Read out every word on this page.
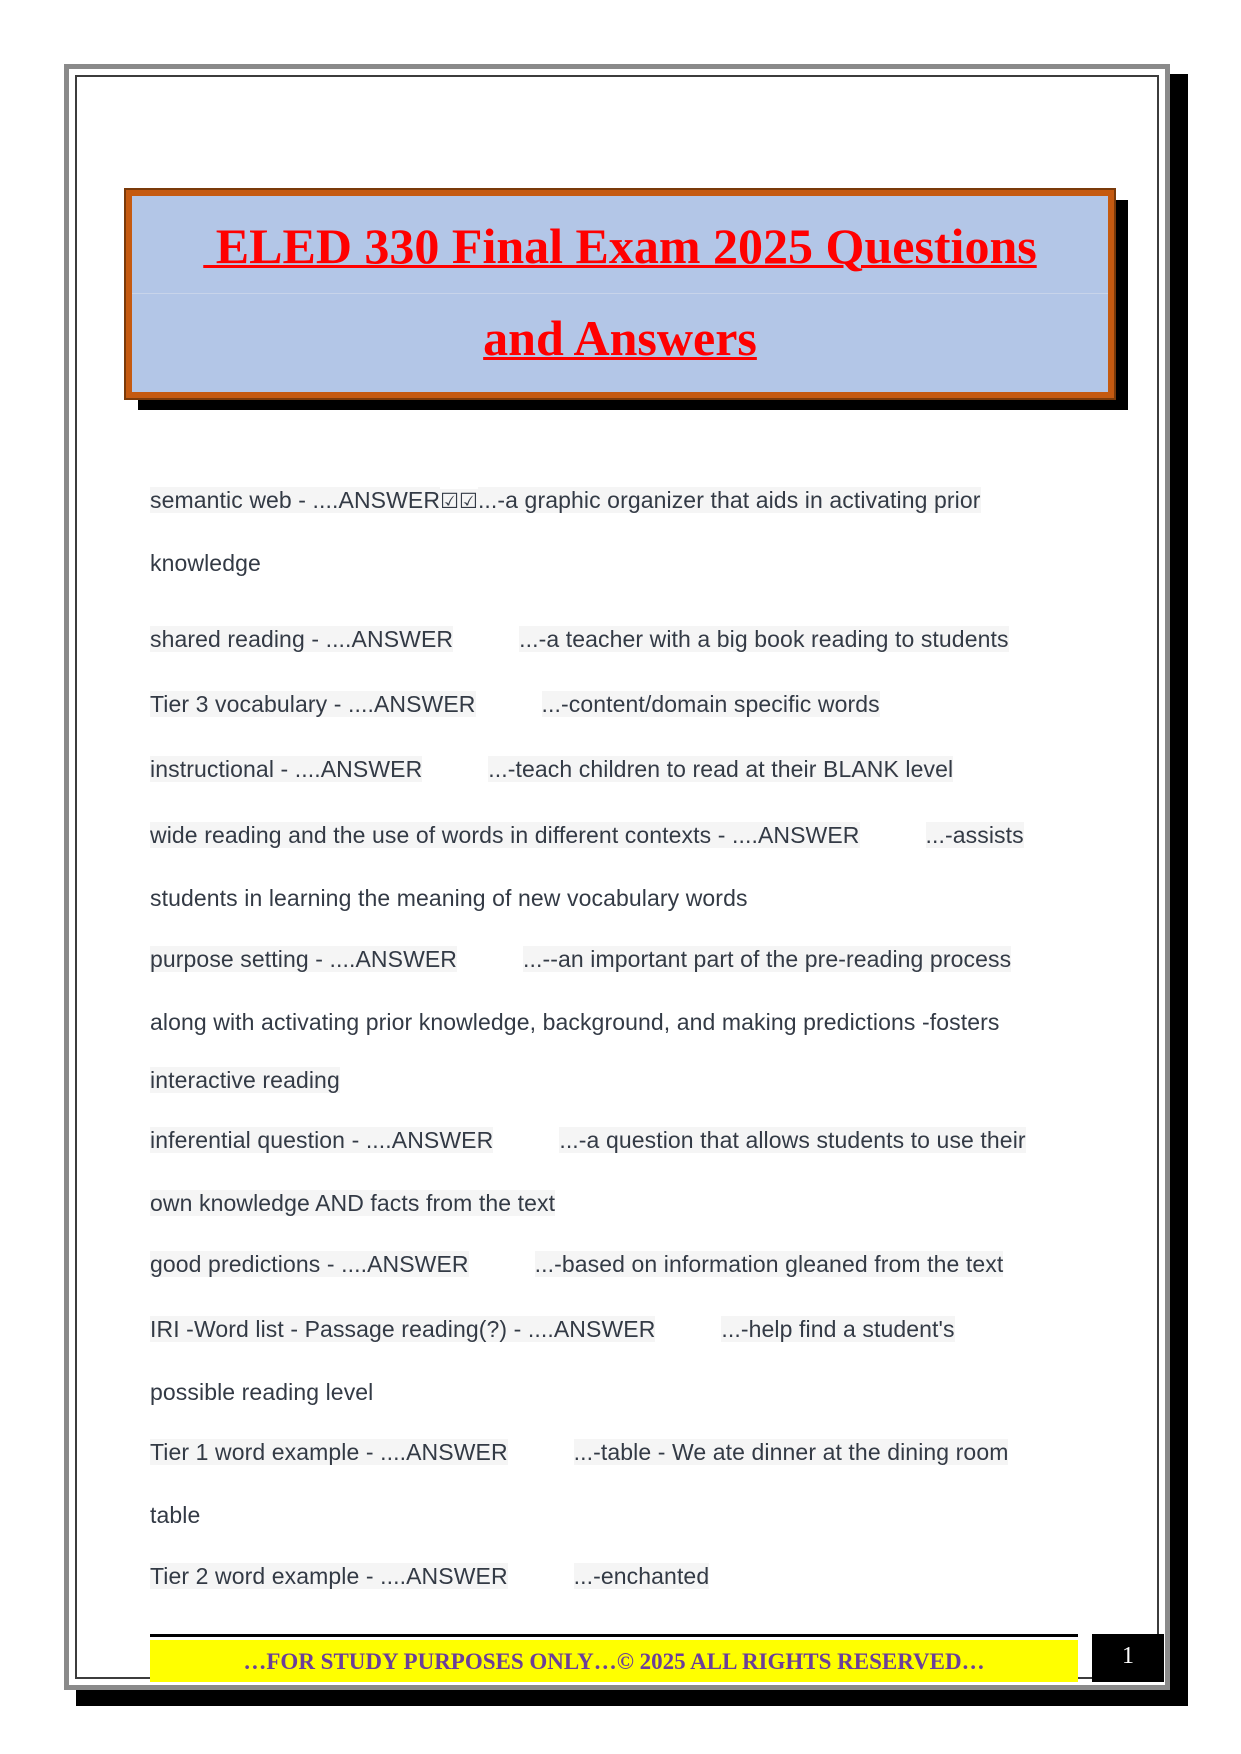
ELED 330 Final Exam 2025 Questions
and Answers
semantic web - ....ANSWER☑☑...-a graphic organizer that aids in activating prior
knowledge
shared reading - ....ANSWER	...-a teacher with a big book reading to students
Tier 3 vocabulary - ....ANSWER	...-content/domain specific words
instructional - ....ANSWER	...-teach children to read at their BLANK level
wide reading and the use of words in different contexts - ....ANSWER	...-assists
students in learning the meaning of new vocabulary words
purpose setting - ....ANSWER	...--an important part of the pre-reading process
along with activating prior knowledge, background, and making predictions -fosters
interactive reading
inferential question - ....ANSWER	...-a question that allows students to use their
own knowledge AND facts from the text
good predictions - ....ANSWER	...-based on information gleaned from the text
IRI -Word list - Passage reading(?) - ....ANSWER	...-help find a student's
possible reading level
Tier 1 word example - ....ANSWER	...-table - We ate dinner at the dining room
table
Tier 2 word example - ....ANSWER	...-enchanted
…FOR STUDY PURPOSES ONLY…© 2025 ALL RIGHTS RESERVED…	1
